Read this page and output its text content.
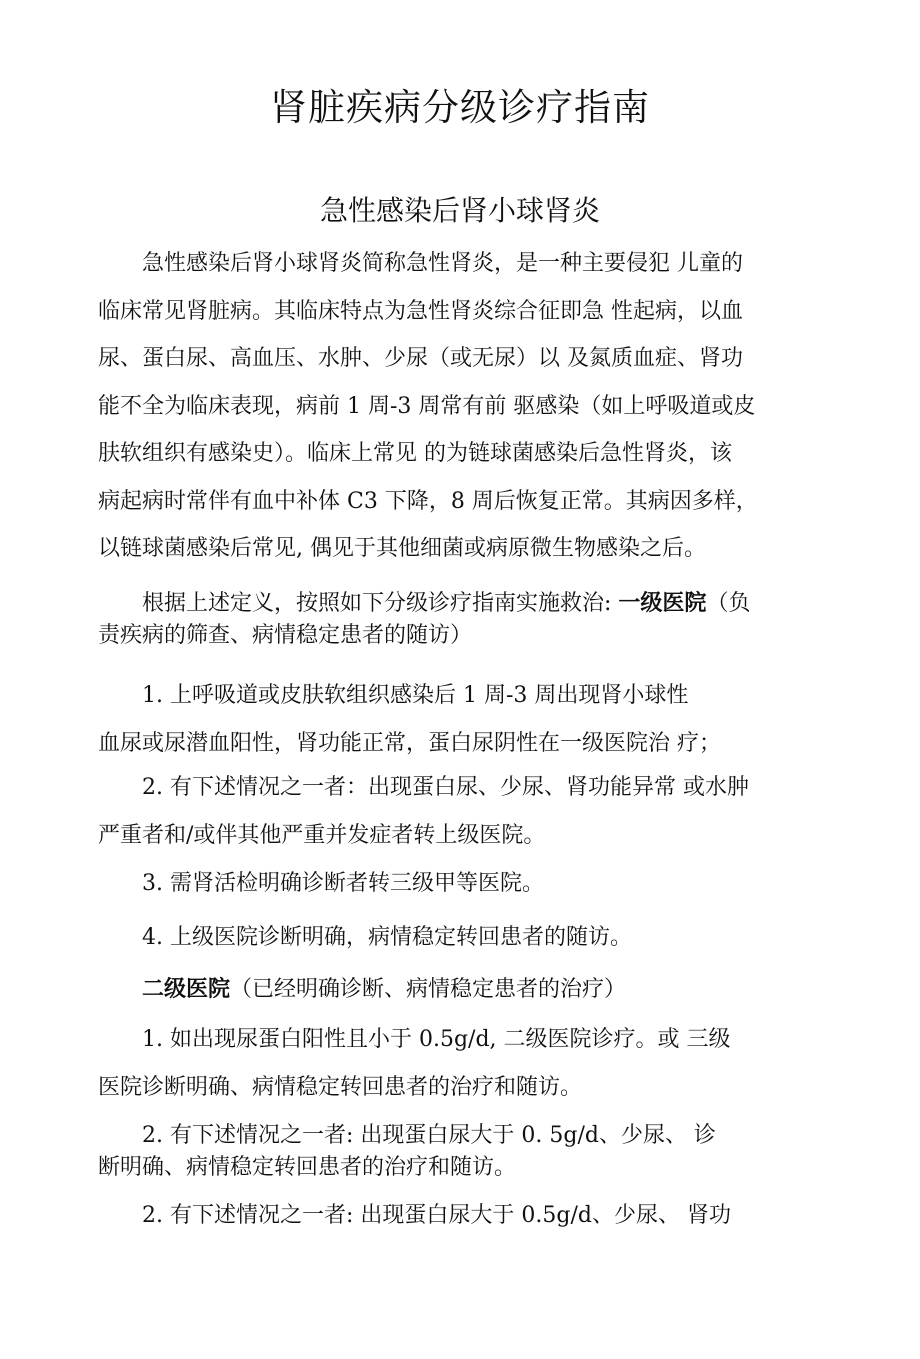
肾脏疾病分级诊疗指南
急性感染后肾小球肾炎
　　急性感染后肾小球肾炎简称急性肾炎，是一种主要侵犯 儿童的
临床常见肾脏病。其临床特点为急性肾炎综合征即急 性起病，以血
尿、蛋白尿、高血压、水肿、少尿（或无尿）以 及氮质血症、肾功
能不全为临床表现，病前 1 周-3 周常有前 驱感染（如上呼吸道或皮
肤软组织有感染史）。临床上常见 的为链球菌感染后急性肾炎，该
病起病时常伴有血中补体 C3 下降，8 周后恢复正常。其病因多样，
以链球菌感染后常见, 偶见于其他细菌或病原微生物感染之后。
　　根据上述定义，按照如下分级诊疗指南实施救治: 一级医院（负
责疾病的筛查、病情稳定患者的随访）
　　1. 上呼吸道或皮肤软组织感染后 1 周-3 周出现肾小球性
血尿或尿潜血阳性，肾功能正常，蛋白尿阴性在一级医院治 疗；
　　2. 有下述情况之一者：出现蛋白尿、少尿、肾功能异常 或水肿
严重者和/或伴其他严重并发症者转上级医院。
　　3. 需肾活检明确诊断者转三级甲等医院。
　　4. 上级医院诊断明确，病情稳定转回患者的随访。
　　二级医院（已经明确诊断、病情稳定患者的治疗）
　　1. 如出现尿蛋白阳性且小于 0.5g/d, 二级医院诊疗。或 三级
医院诊断明确、病情稳定转回患者的治疗和随访。
　　2. 有下述情况之一者: 出现蛋白尿大于 0. 5g/d、少尿、 诊
断明确、病情稳定转回患者的治疗和随访。
　　2. 有下述情况之一者: 出现蛋白尿大于 0.5g/d、少尿、 肾功
